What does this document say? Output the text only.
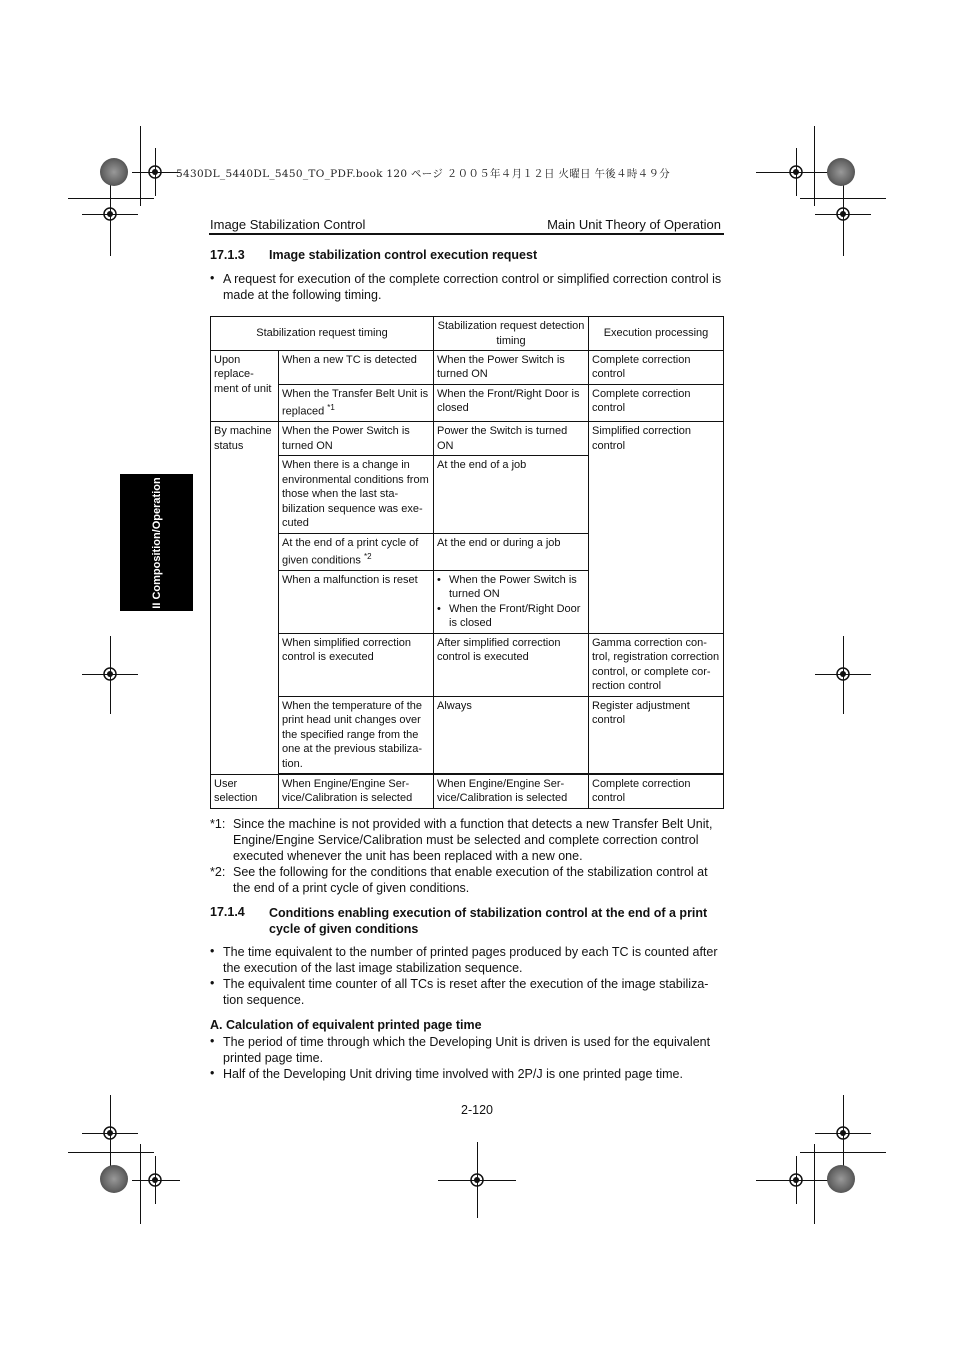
5430DL_5440DL_5450_TO_PDF.book 120 ページ ２００５年４月１２日 火曜日 午後４時４９分
Image Stabilization Control	Main Unit Theory of Operation
II Composition/Operation
17.1.3 Image stabilization control execution request
• A request for execution of the complete correction control or simplified correction control is made at the following timing.
Stabilization request timing		Stabilization request detection timing	Execution processing
Upon replace-ment of unit	When a new TC is detected	When the Power Switch is turned ON	Complete correction control
	When the Transfer Belt Unit is replaced $^{*1}$	When the Front/Right Door is closed	Complete correction control
By machine status	When the Power Switch is turned ON	Power the Switch is turned ON	Simplified correction control
	When there is a change in environmental conditions from those when the last sta-bilization sequence was exe-cuted	At the end of a job	
	At the end of a print cycle of given conditions $^{*2}$	At the end or during a job	
	When a malfunction is reset	• When the Power Switch is turned ON
• When the Front/Right Door is closed	

	When simplified correction control is executed	After simplified correction control is executed	Gamma correction con-trol, registration correction control, or complete cor-rection control
	When the temperature of the print head unit changes over the specified range from the one at the previous stabiliza-tion.	Always	Register adjustment control

User selection	When Engine/Engine Ser-vice/Calibration is selected	When Engine/Engine Ser-vice/Calibration is selected	Complete correction control
*1: Since the machine is not provided with a function that detects a new Transfer Belt Unit, Engine/Engine Service/Calibration must be selected and complete correction control executed whenever the unit has been replaced with a new one.
*2: See the following for the conditions that enable execution of the stabilization control at the end of a print cycle of given conditions.
17.1.4 Conditions enabling execution of stabilization control at the end of a print cycle of given conditions
• The time equivalent to the number of printed pages produced by each TC is counted after the execution of the last image stabilization sequence.
• The equivalent time counter of all TCs is reset after the execution of the image stabiliza-tion sequence.
A. Calculation of equivalent printed page time
• The period of time through which the Developing Unit is driven is used for the equivalent printed page time.
• Half of the Developing Unit driving time involved with 2P/J is one printed page time.
2-120
